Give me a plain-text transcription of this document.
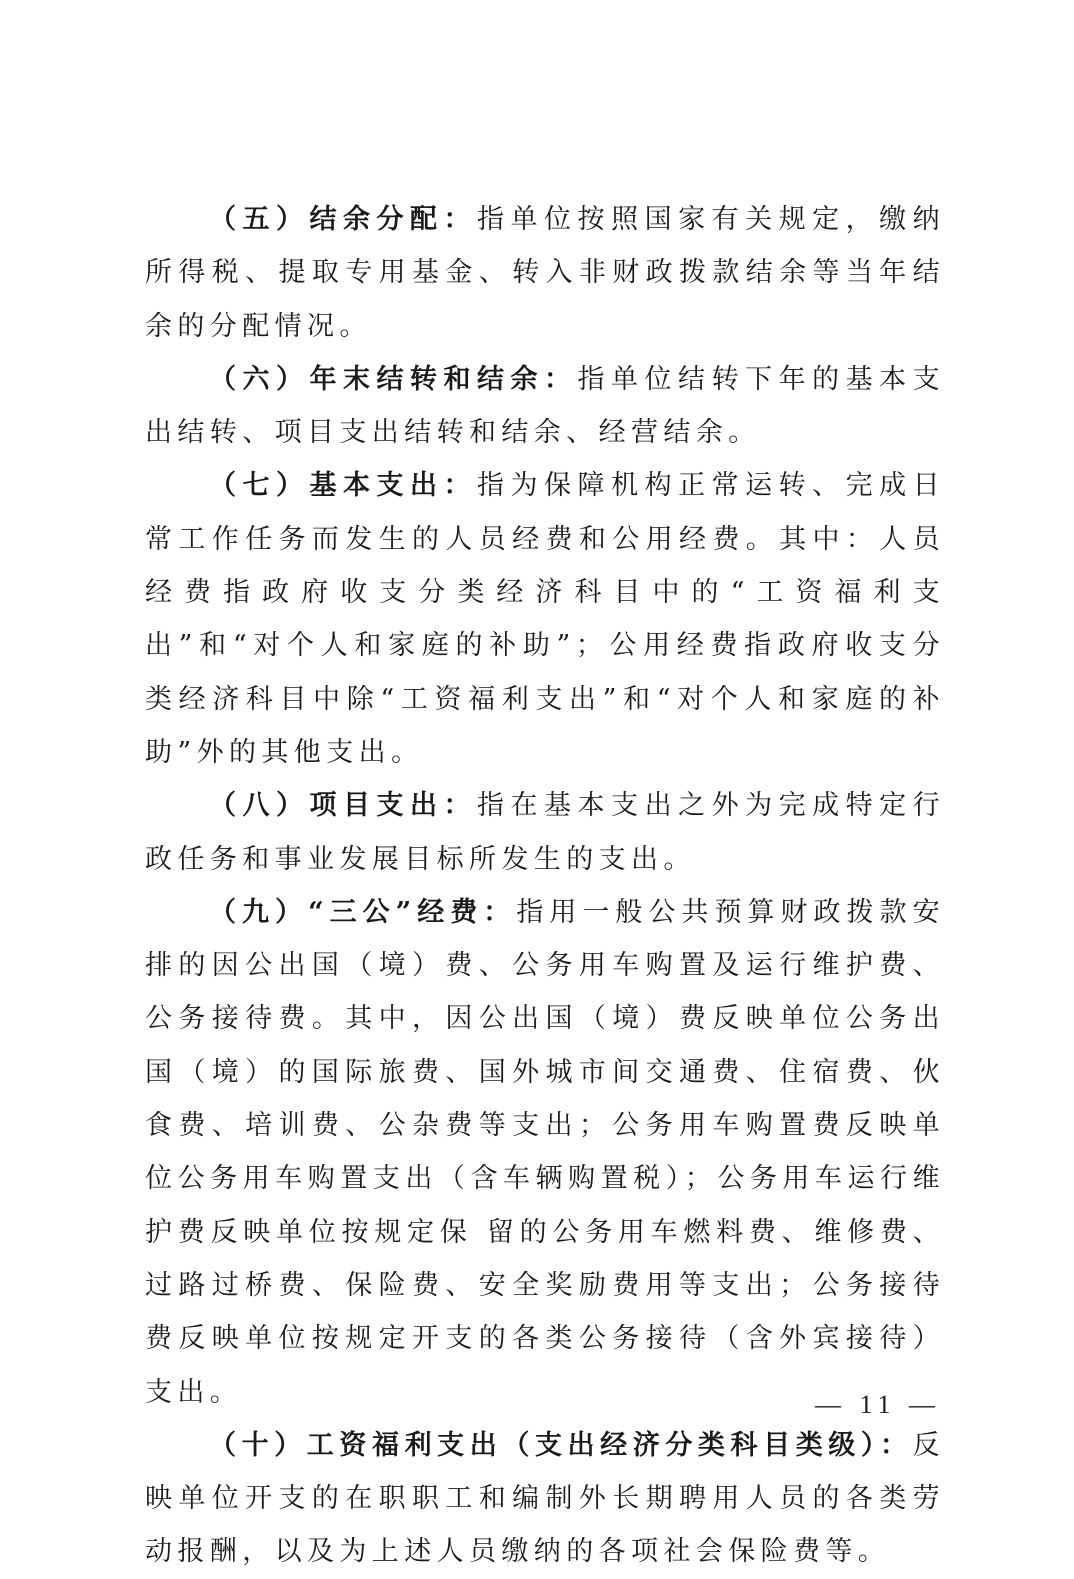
（五）结余分配：指单位按照国家有关规定，缴纳所得税、提取专用基金、转入非财政拨款结余等当年结余的分配情况。

（六）年末结转和结余：指单位结转下年的基本支出结转、项目支出结转和结余、经营结余。

（七）基本支出：指为保障机构正常运转、完成日常工作任务而发生的人员经费和公用经费。其中：人员经费指政府收支分类经济科目中的“工资福利支出”和“对个人和家庭的补助”；公用经费指政府收支分类经济科目中除“工资福利支出”和“对个人和家庭的补助”外的其他支出。

（八）项目支出：指在基本支出之外为完成特定行政任务和事业发展目标所发生的支出。

（九）“三公”经费：指用一般公共预算财政拨款安排的因公出国（境）费、公务用车购置及运行维护费、公务接待费。其中，因公出国（境）费反映单位公务出国（境）的国际旅费、国外城市间交通费、住宿费、伙食费、培训费、公杂费等支出；公务用车购置费反映单位公务用车购置支出（含车辆购置税）；公务用车运行维护费反映单位按规定保 留的公务用车燃料费、维修费、过路过桥费、保险费、安全奖励费用等支出；公务接待费反映单位按规定开支的各类公务接待（含外宾接待）支出。

（十）工资福利支出（支出经济分类科目类级）：反映单位开支的在职职工和编制外长期聘用人员的各类劳动报酬，以及为上述人员缴纳的各项社会保险费等。

— 11 —
